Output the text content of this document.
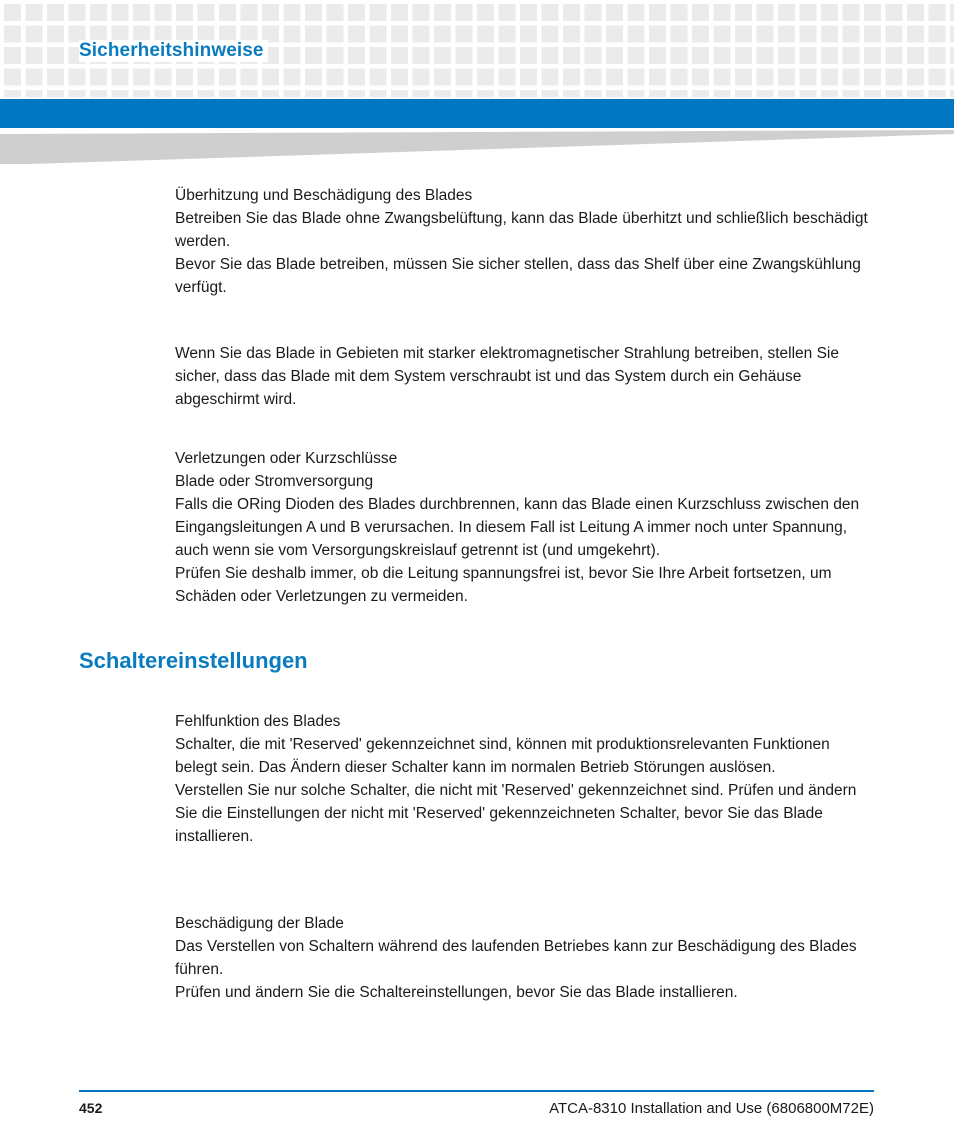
Sicherheitshinweise

Überhitzung und Beschädigung des Blades

Betreiben Sie das Blade ohne Zwangsbelüftung, kann das Blade überhitzt und schließlich beschädigt werden.

Bevor Sie das Blade betreiben, müssen Sie sicher stellen, dass das Shelf über eine Zwangskühlung verfügt.

Wenn Sie das Blade in Gebieten mit starker elektromagnetischer Strahlung betreiben, stellen Sie sicher, dass das Blade mit dem System verschraubt ist und das System durch ein Gehäuse abgeschirmt wird.

Verletzungen oder Kurzschlüsse

Blade oder Stromversorgung

Falls die ORing Dioden des Blades durchbrennen, kann das Blade einen Kurzschluss zwischen den Eingangsleitungen A und B verursachen. In diesem Fall ist Leitung A immer noch unter Spannung, auch wenn sie vom Versorgungskreislauf getrennt ist (und umgekehrt).

Prüfen Sie deshalb immer, ob die Leitung spannungsfrei ist, bevor Sie Ihre Arbeit fortsetzen, um Schäden oder Verletzungen zu vermeiden.

Schaltereinstellungen

Fehlfunktion des Blades

Schalter, die mit 'Reserved' gekennzeichnet sind, können mit produktionsrelevanten Funktionen belegt sein. Das Ändern dieser Schalter kann im normalen Betrieb Störungen auslösen.

Verstellen Sie nur solche Schalter, die nicht mit 'Reserved' gekennzeichnet sind. Prüfen und ändern Sie die Einstellungen der nicht mit 'Reserved' gekennzeichneten Schalter, bevor Sie das Blade installieren.

Beschädigung der Blade

Das Verstellen von Schaltern während des laufenden Betriebes kann zur Beschädigung des Blades führen.

Prüfen und ändern Sie die Schaltereinstellungen, bevor Sie das Blade installieren.

452	ATCA-8310 Installation and Use (6806800M72E)
